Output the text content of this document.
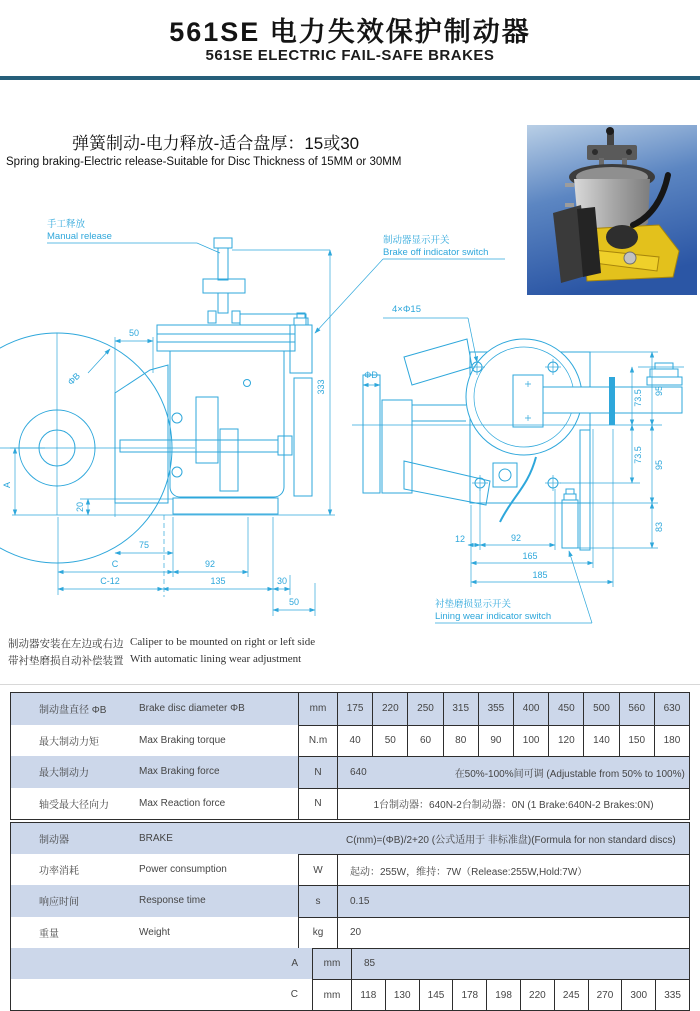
561SE 电力失效保护制动器
561SE ELECTRIC FAIL-SAFE BRAKES
弹簧制动-电力释放-适合盘厚：15或30
Spring braking-Electric release-Suitable for Disc Thickness of 15MM or 30MM
手工释放
Manual release
333
50
ΦB
A
20
75
C	92
C-12	135	30
50
制动器显示开关
Brake off indicator switch
4×Φ15
ΦD
95
73.5
73.5
95
83
12	92
165
185
衬垫磨损显示开关
Lining wear indicator switch
制动器安装在左边或右边 Caliper to be mounted on right or left side
带衬垫磨损自动补偿装置 With automatic lining wear adjustment
制动盘直径 ΦB	Brake disc diameter ΦB	mm	175	220	250	315	355	400	450	500	560	630
最大制动力矩	Max Braking torque	N.m	40	50	60	80	90	100	120	140	150	180
最大制动力	Max Braking force	N	640	在50%-100%间可调 (Adjustable from 50% to 100%)
轴受最大径向力	Max Reaction force	N	1台制动器：640N-2台制动器：0N (1 Brake:640N-2 Brakes:0N)
制动器	BRAKE	C(mm)=(ΦB)/2+20 (公式适用于 非标准盘)(Formula for non standard discs)
功率消耗	Power consumption	W	起动：255W，维持：7W（Release:255W,Hold:7W）
响应时间	Response time	s	0.15
重量	Weight	kg	20
A	mm	85
C	mm	118	130	145	178	198	220	245	270	300	335
